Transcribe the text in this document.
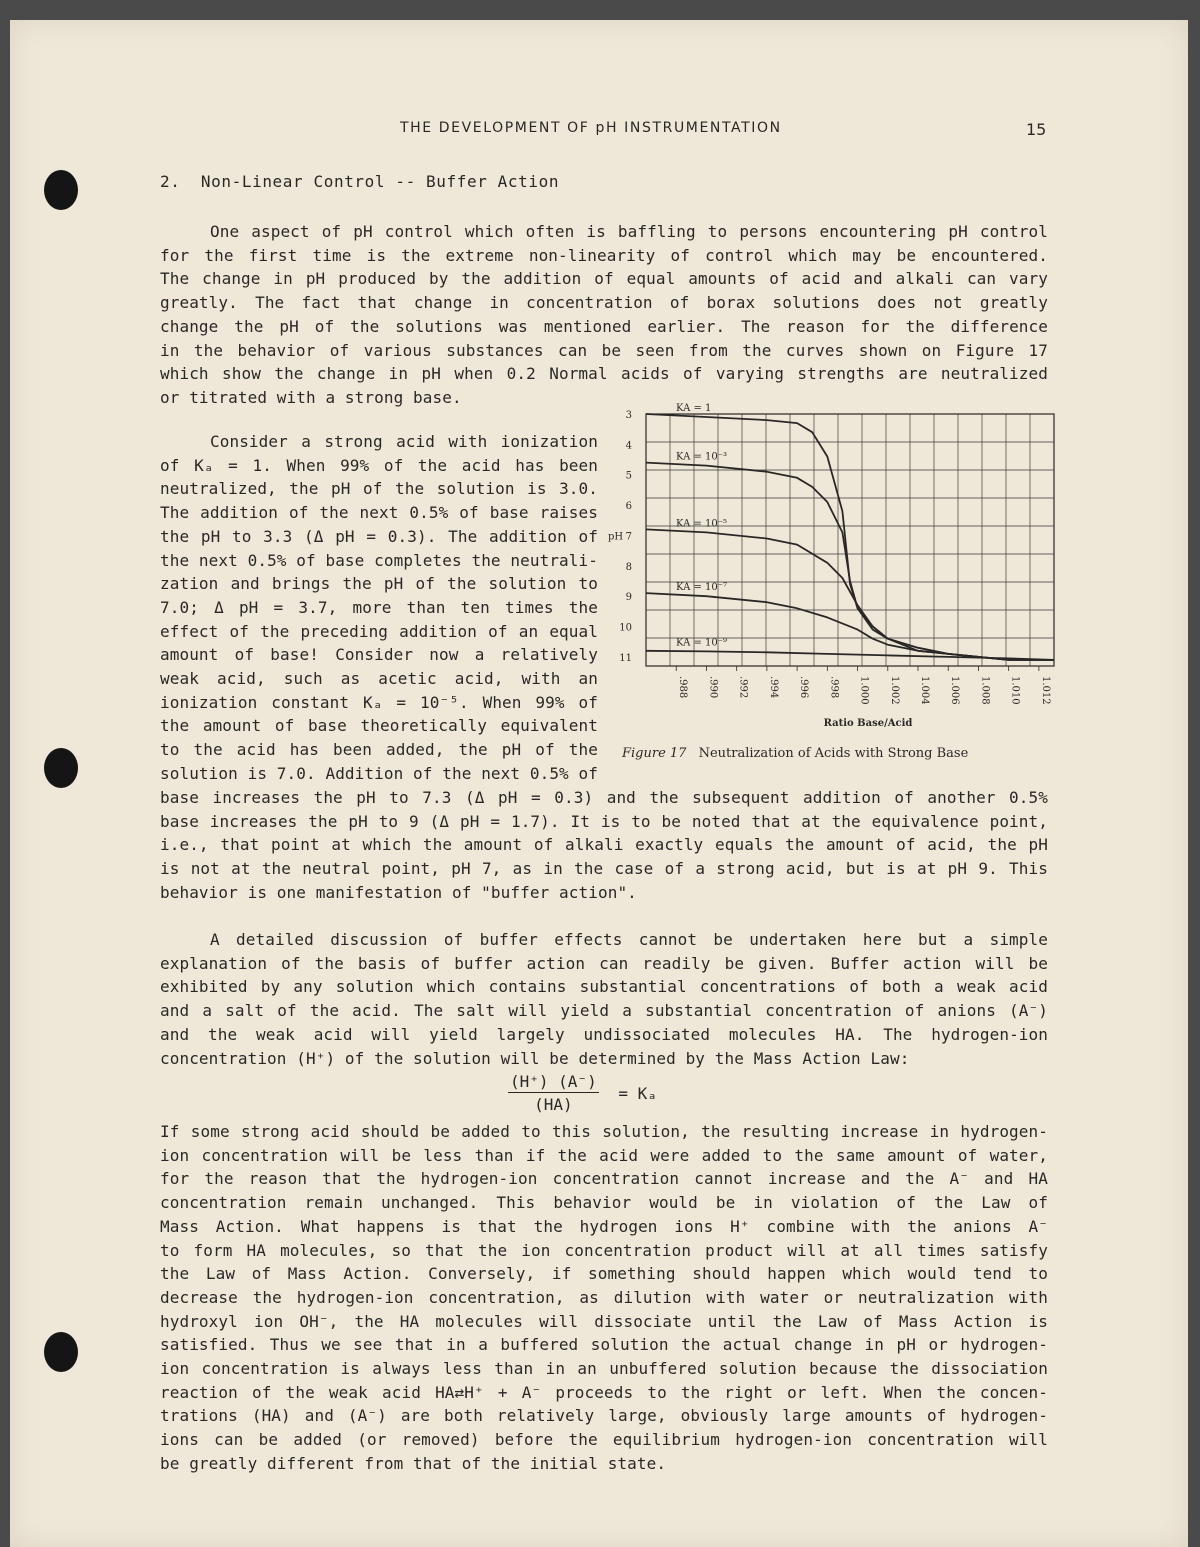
THE DEVELOPMENT OF pH INSTRUMENTATION	15
2.  Non-Linear Control -- Buffer Action

One aspect of pH control which often is baffling to persons encountering pH control
for the first time is the extreme non-linearity of control which may be encountered.
The change in pH produced by the addition of equal amounts of acid and alkali can vary
greatly. The fact that change in concentration of borax solutions does not greatly
change the pH of the solutions was mentioned earlier. The reason for the difference
in the behavior of various substances can be seen from the curves shown on Figure 17
which show the change in pH when 0.2 Normal acids of varying strengths are neutralized
or titrated with a strong base.

Consider a strong acid with ionization
of Kₐ = 1. When 99% of the acid has been
neutralized, the pH of the solution is 3.0.
The addition of the next 0.5% of base raises
the pH to 3.3 (Δ pH = 0.3). The addition of
the next 0.5% of base completes the neutrali-
zation and brings the pH of the solution to
7.0; Δ pH = 3.7, more than ten times the
effect of the preceding addition of an equal
amount of base! Consider now a relatively
weak acid, such as acetic acid, with an
ionization constant Kₐ = 10⁻⁵. When 99% of
the amount of base theoretically equivalent
to the acid has been added, the pH of the
solution is 7.0. Addition of the next 0.5% of

base increases the pH to 7.3 (Δ pH = 0.3) and the subsequent addition of another 0.5%
base increases the pH to 9 (Δ pH = 1.7). It is to be noted that at the equivalence point,
i.e., that point at which the amount of alkali exactly equals the amount of acid, the pH
is not at the neutral point, pH 7, as in the case of a strong acid, but is at pH 9. This
behavior is one manifestation of "buffer action".

A detailed discussion of buffer effects cannot be undertaken here but a simple
explanation of the basis of buffer action can readily be given. Buffer action will be
exhibited by any solution which contains substantial concentrations of both a weak acid
and a salt of the acid. The salt will yield a substantial concentration of anions (A⁻)
and the weak acid will yield largely undissociated molecules HA. The hydrogen-ion
concentration (H⁺) of the solution will be determined by the Mass Action Law:

$\frac{(H^+) (A^-)}{(HA)} = K_a$

If some strong acid should be added to this solution, the resulting increase in hydrogen-
ion concentration will be less than if the acid were added to the same amount of water,
for the reason that the hydrogen-ion concentration cannot increase and the A⁻ and HA
concentration remain unchanged. This behavior would be in violation of the Law of
Mass Action. What happens is that the hydrogen ions H⁺ combine with the anions A⁻
to form HA molecules, so that the ion concentration product will at all times satisfy
the Law of Mass Action. Conversely, if something should happen which would tend to
decrease the hydrogen-ion concentration, as dilution with water or neutralization with
hydroxyl ion OH⁻, the HA molecules will dissociate until the Law of Mass Action is
satisfied. Thus we see that in a buffered solution the actual change in pH or hydrogen-
ion concentration is always less than in an unbuffered solution because the dissociation
reaction of the weak acid HA⇄H⁺ + A⁻ proceeds to the right or left. When the concen-
trations (HA) and (A⁻) are both relatively large, obviously large amounts of hydrogen-
ions can be added (or removed) before the equilibrium hydrogen-ion concentration will
be greatly different from that of the initial state.

3
4
5
6
7
8
9
10
11
pH
.988 .990 .992 .994 .996 .998 1.000 1.002 1.004 1.006 1.008 1.010 1.012
Ratio Base/Acid
KA = 1
KA = 10⁻³
KA = 10⁻⁵
KA = 10⁻⁷
KA = 10⁻⁹
Figure 17 Neutralization of Acids with Strong Base
